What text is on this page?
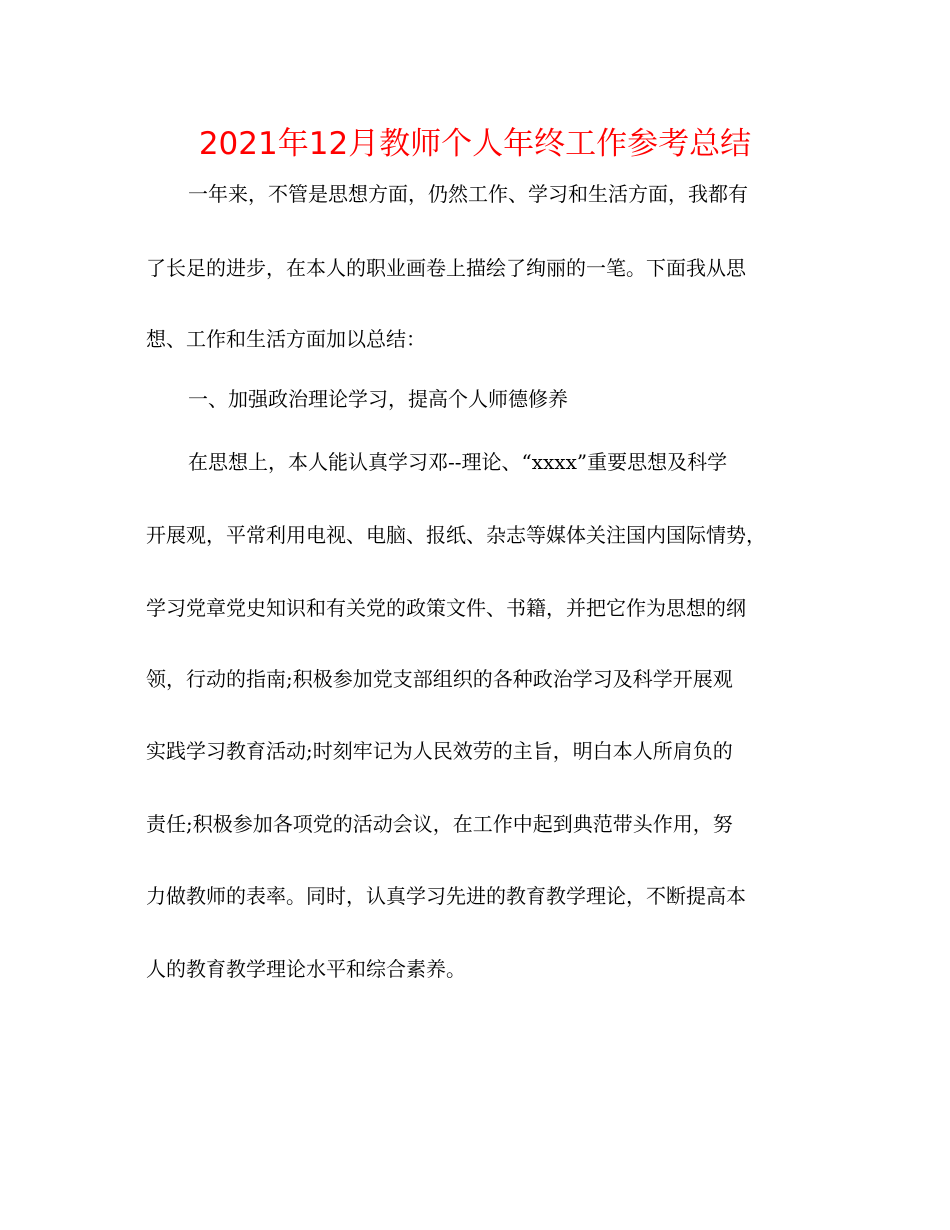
2021年12月教师个人年终工作参考总结
一年来，不管是思想方面，仍然工作、学习和生活方面，我都有
了长足的进步，在本人的职业画卷上描绘了绚丽的一笔。下面我从思
想、工作和生活方面加以总结：
一、加强政治理论学习，提高个人师德修养
在思想上，本人能认真学习邓--理论、“xxxx”重要思想及科学
开展观，平常利用电视、电脑、报纸、杂志等媒体关注国内国际情势，
学习党章党史知识和有关党的政策文件、书籍，并把它作为思想的纲
领，行动的指南;积极参加党支部组织的各种政治学习及科学开展观
实践学习教育活动;时刻牢记为人民效劳的主旨，明白本人所肩负的
责任;积极参加各项党的活动会议，在工作中起到典范带头作用，努
力做教师的表率。同时，认真学习先进的教育教学理论，不断提高本
人的教育教学理论水平和综合素养。
